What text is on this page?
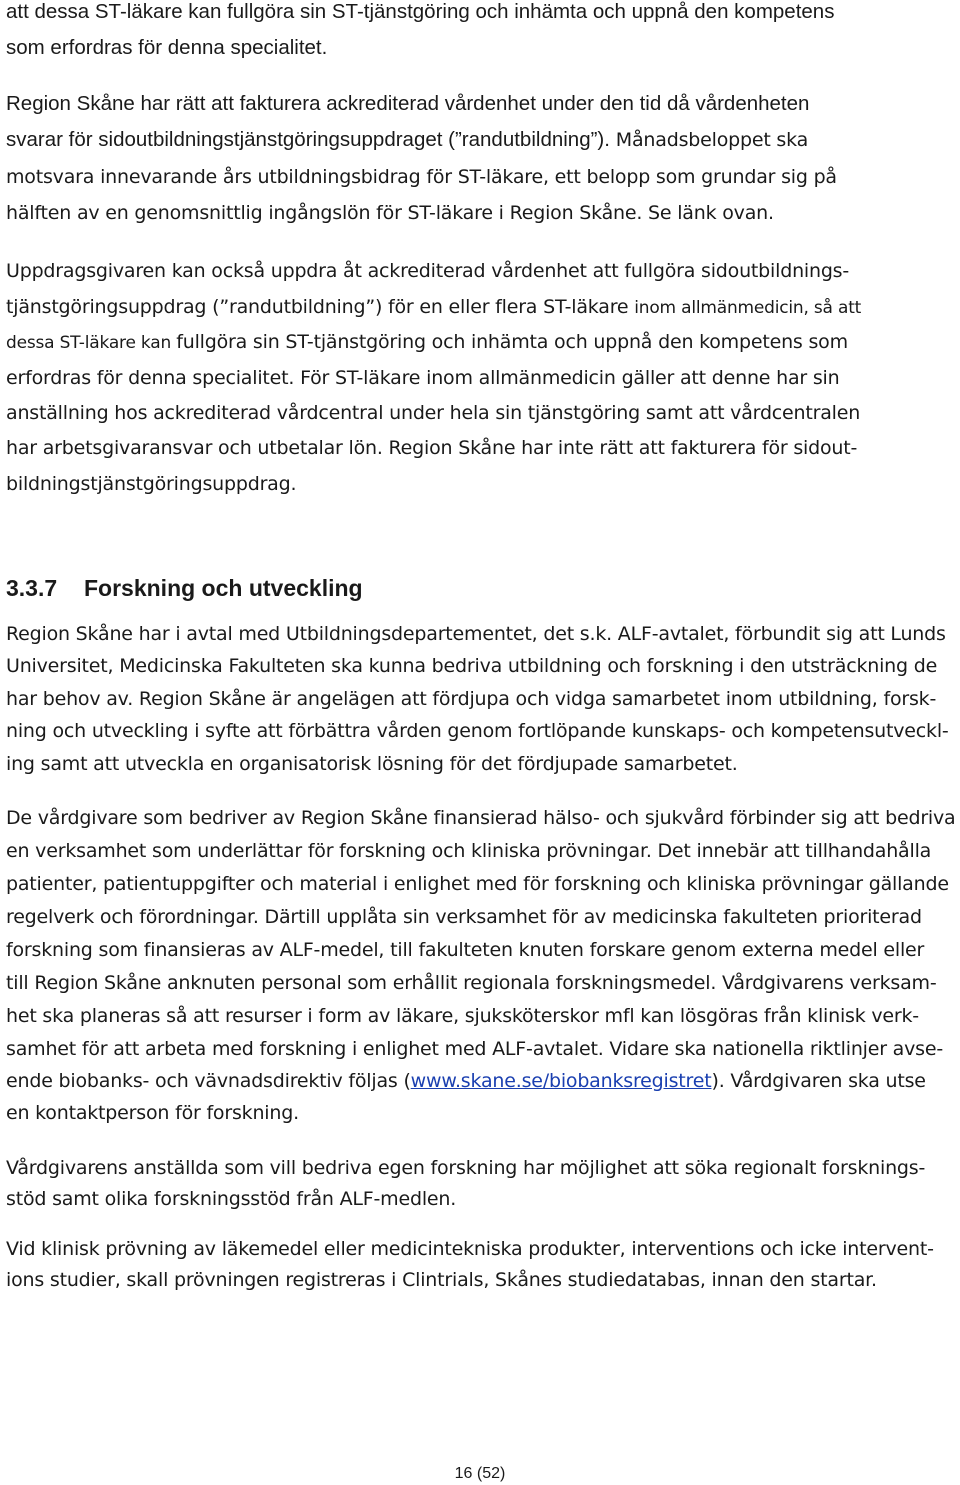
att dessa ST-läkare kan fullgöra sin ST-tjänstgöring och inhämta och uppnå den kompetens

som erfordras för denna specialitet.

Region Skåne har rätt att fakturera ackrediterad vårdenhet under den tid då vårdenheten

svarar för sidoutbildningstjänstgöringsuppdraget (”randutbildning”). Månadsbeloppet ska

motsvara innevarande års utbildningsbidrag för ST-läkare, ett belopp som grundar sig på

hälften av en genomsnittlig ingångslön för ST-läkare i Region Skåne. Se länk ovan.

Uppdragsgivaren kan också uppdra åt ackrediterad vårdenhet att fullgöra sidoutbildnings-

tjänstgöringsuppdrag (”randutbildning”) för en eller flera ST-läkare inom allmänmedicin, så att

dessa ST-läkare kan fullgöra sin ST-tjänstgöring och inhämta och uppnå den kompetens som

erfordras för denna specialitet. För ST-läkare inom allmänmedicin gäller att denne har sin

anställning hos ackrediterad vårdcentral under hela sin tjänstgöring samt att vårdcentralen

har arbetsgivaransvar och utbetalar lön. Region Skåne har inte rätt att fakturera för sidout-

bildningstjänstgöringsuppdrag.

3.3.7 Forskning och utveckling

Region Skåne har i avtal med Utbildningsdepartementet, det s.k. ALF-avtalet, förbundit sig att Lunds

Universitet, Medicinska Fakulteten ska kunna bedriva utbildning och forskning i den utsträckning de

har behov av. Region Skåne är angelägen att fördjupa och vidga samarbetet inom utbildning, forsk-

ning och utveckling i syfte att förbättra vården genom fortlöpande kunskaps- och kompetensutveckl-

ing samt att utveckla en organisatorisk lösning för det fördjupade samarbetet.

De vårdgivare som bedriver av Region Skåne finansierad hälso- och sjukvård förbinder sig att bedriva

en verksamhet som underlättar för forskning och kliniska prövningar. Det innebär att tillhandahålla

patienter, patientuppgifter och material i enlighet med för forskning och kliniska prövningar gällande

regelverk och förordningar. Därtill upplåta sin verksamhet för av medicinska fakulteten prioriterad

forskning som finansieras av ALF-medel, till fakulteten knuten forskare genom externa medel eller

till Region Skåne anknuten personal som erhållit regionala forskningsmedel. Vårdgivarens verksam-

het ska planeras så att resurser i form av läkare, sjuksköterskor mfl kan lösgöras från klinisk verk-

samhet för att arbeta med forskning i enlighet med ALF-avtalet. Vidare ska nationella riktlinjer avse-

ende biobanks- och vävnadsdirektiv följas (www.skane.se/biobanksregistret). Vårdgivaren ska utse

en kontaktperson för forskning.

Vårdgivarens anställda som vill bedriva egen forskning har möjlighet att söka regionalt forsknings-

stöd samt olika forskningsstöd från ALF-medlen.

Vid klinisk prövning av läkemedel eller medicintekniska produkter, interventions och icke intervent-

ions studier, skall prövningen registreras i Clintrials, Skånes studiedatabas, innan den startar.

16 (52)
